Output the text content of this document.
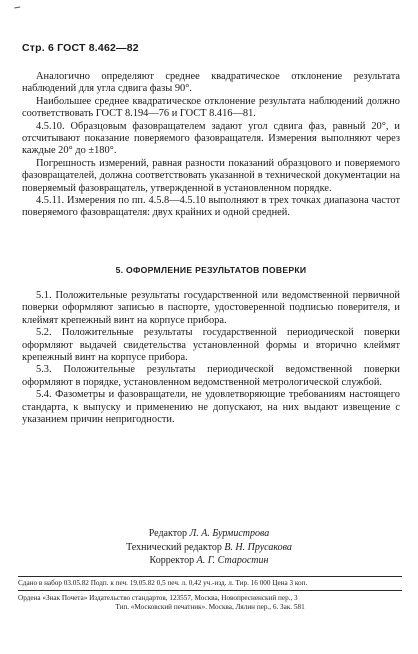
Стр. 6 ГОСТ 8.462—82

Аналогично определяют среднее квадратическое отклонение результата наблюдений для угла сдвига фазы 90°.

Наибольшее среднее квадратическое отклонение результата наблюдений должно соответствовать ГОСТ 8.194—76 и ГОСТ 8.416—81.

4.5.10. Образцовым фазовращателем задают угол сдвига фаз, равный 20°, и отсчитывают показание поверяемого фазовращателя. Измерения выполняют через каждые 20° до ±180°.

Погрешность измерений, равная разности показаний образцового и поверяемого фазовращателей, должна соответствовать указанной в технической документации на поверяемый фазовращатель, утвержденной в установленном порядке.

4.5.11. Измерения по пп. 4.5.8—4.5.10 выполняют в трех точках диапазона частот поверяемого фазовращателя: двух крайних и одной средней.

5. ОФОРМЛЕНИЕ РЕЗУЛЬТАТОВ ПОВЕРКИ

5.1. Положительные результаты государственной или ведомственной первичной поверки оформляют записью в паспорте, удостоверенной подписью поверителя, и клеймят крепежный винт на корпусе прибора.

5.2. Положительные результаты государственной периодической поверки оформляют выдачей свидетельства установленной формы и вторично клеймят крепежный винт на корпусе прибора.

5.3. Положительные результаты периодической ведомственной поверки оформляют в порядке, установленном ведомственной метрологической службой.

5.4. Фазометры и фазовращатели, не удовлетворяющие требованиям настоящего стандарта, к выпуску и применению не допускают, на них выдают извещение с указанием причин непригодности.

Редактор Л. А. Бурмистрова
Технический редактор В. Н. Прусакова
Корректор А. Г. Старостин
Сдано в набор 03.05.82 Подп. к печ. 19.05.82 0,5 печ. л. 0,42 уч.-изд. л. Тир. 16 000 Цена 3 коп.
Ордена «Знак Почета» Издательство стандартов, 123557, Москва, Новопресненский пер., 3
Тип. «Московский печатник». Москва, Лялин пер., 6. Зак. 581
